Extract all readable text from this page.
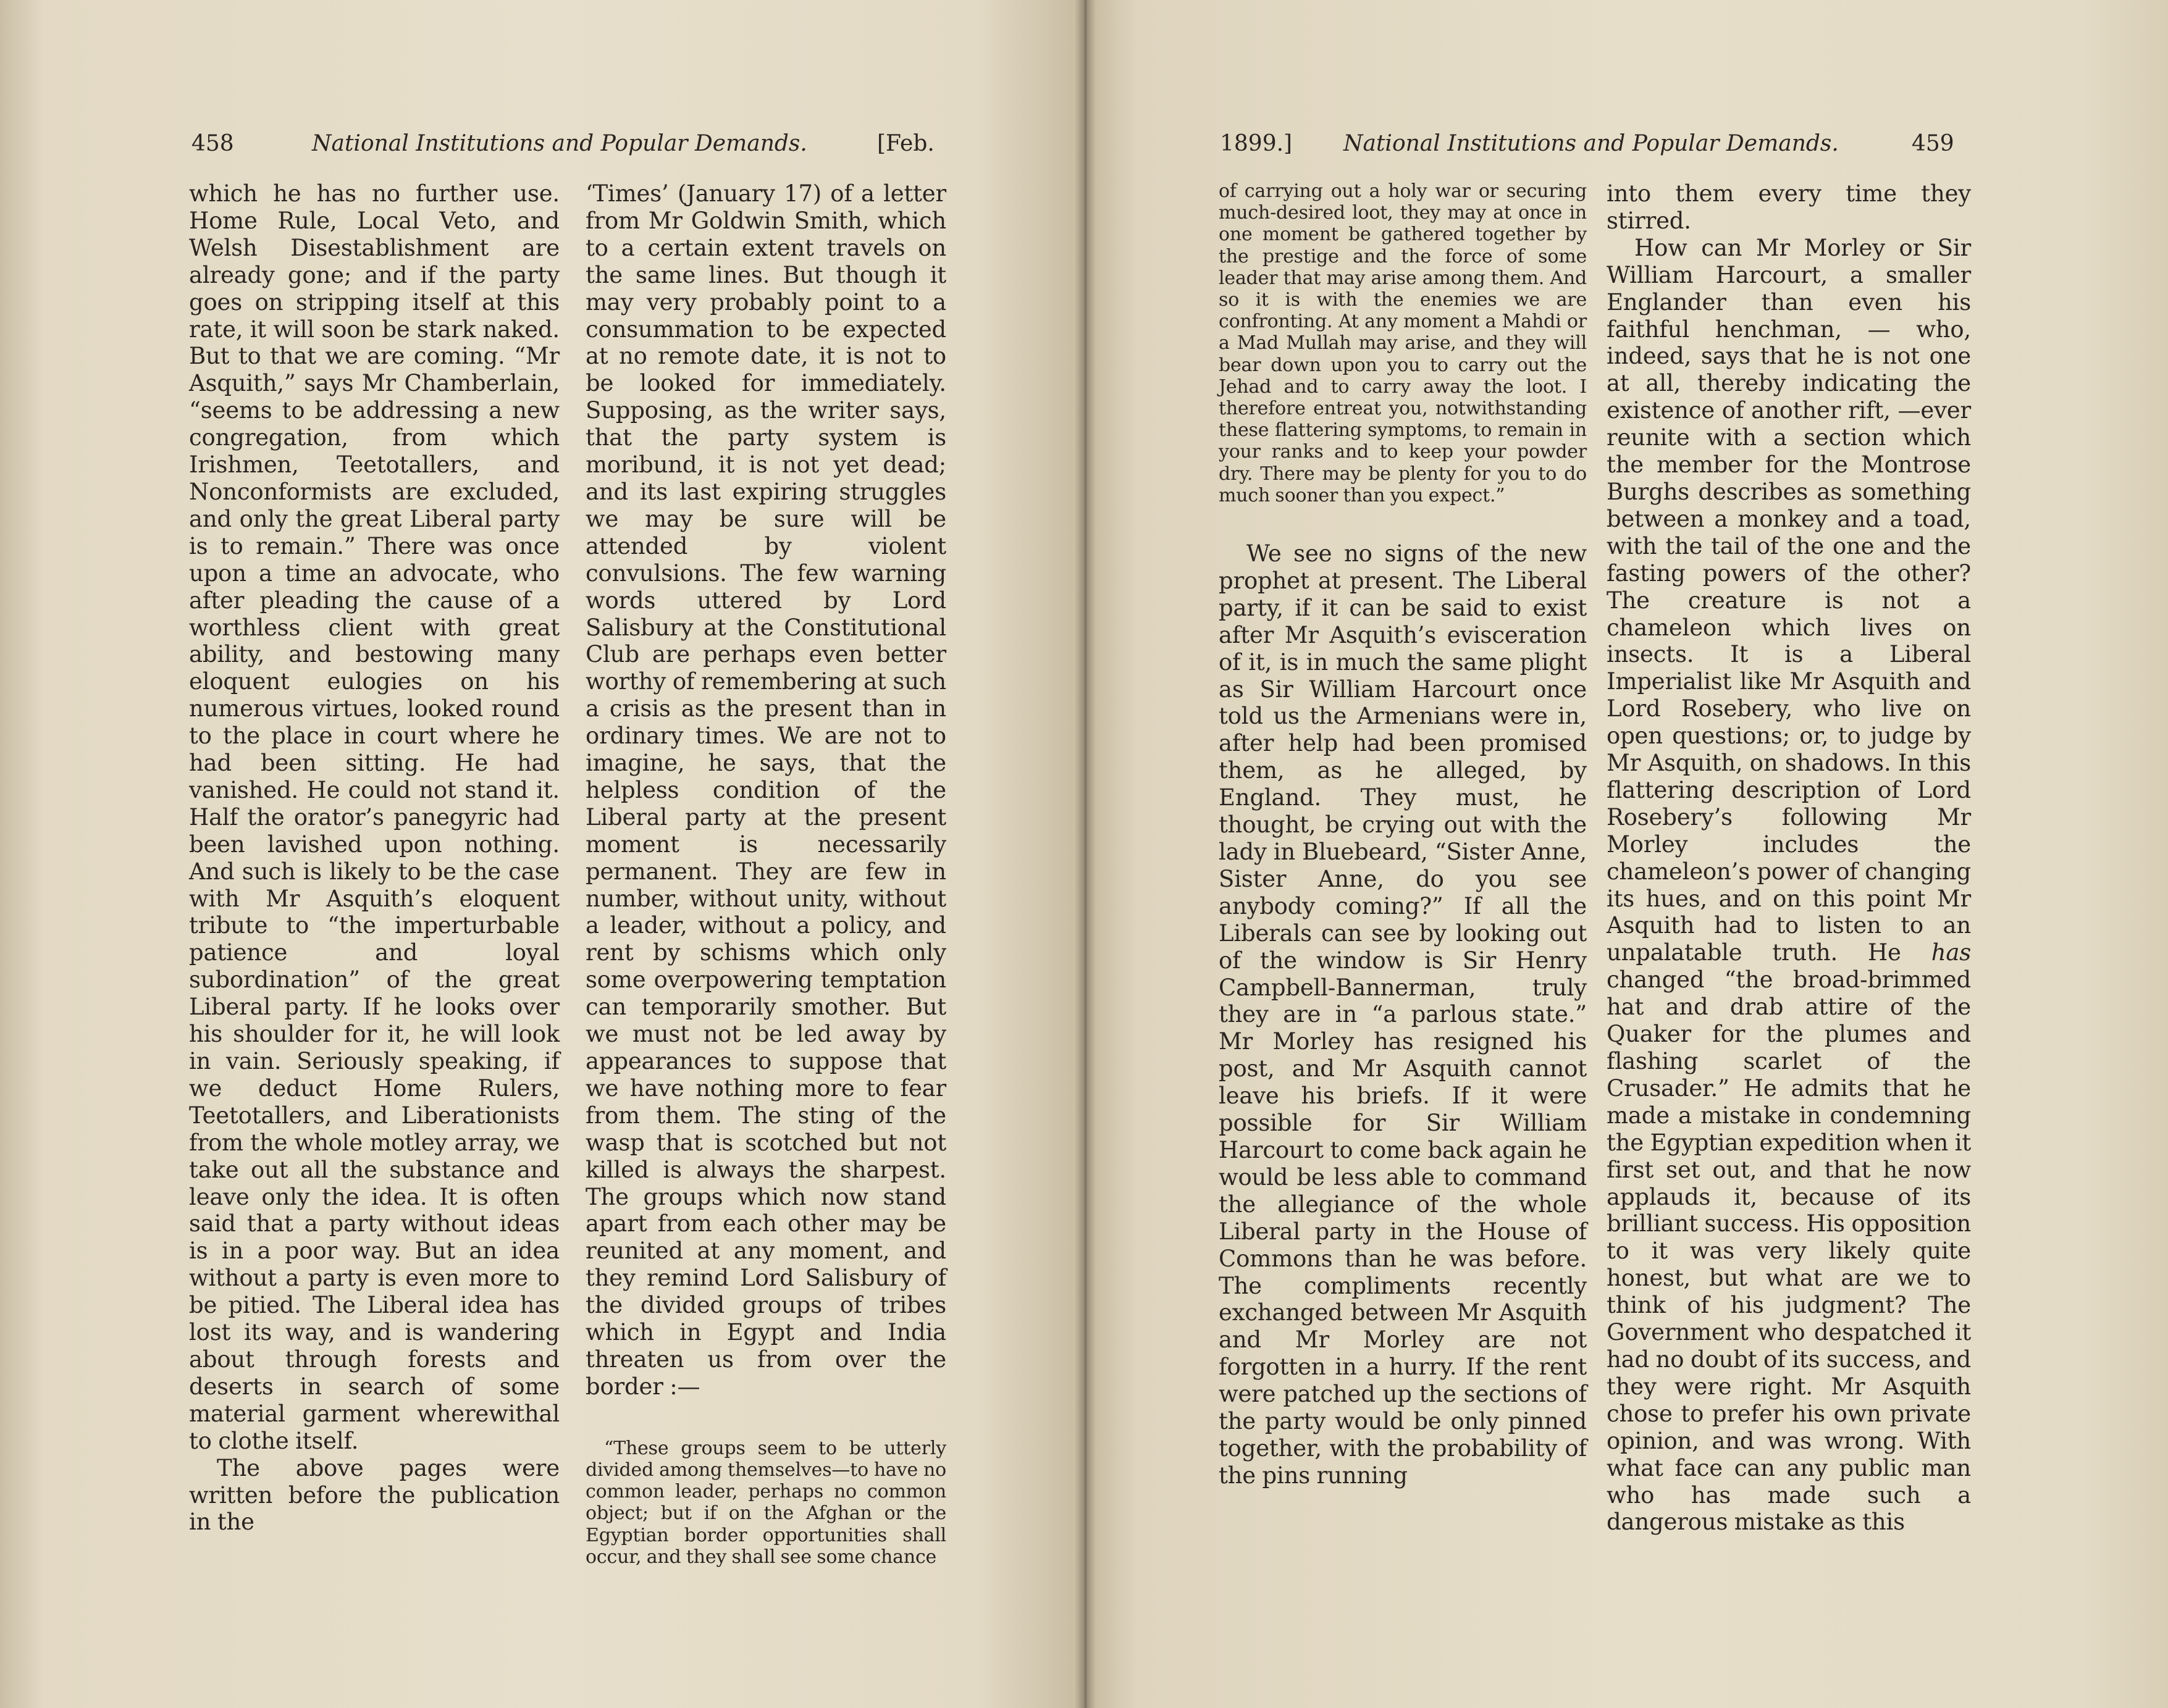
458	National Institutions and Popular Demands.	[Feb.

which he has no further use. Home Rule, Local Veto, and Welsh Disestablishment are already gone; and if the party goes on stripping itself at this rate, it will soon be stark naked. But to that we are coming. “Mr Asquith,” says Mr Chamberlain, “seems to be addressing a new congregation, from which Irishmen, Teetotallers, and Nonconformists are excluded, and only the great Liberal party is to remain.” There was once upon a time an advocate, who after pleading the cause of a worthless client with great ability, and bestowing many eloquent eulogies on his numerous virtues, looked round to the place in court where he had been sitting. He had vanished. He could not stand it. Half the orator’s panegyric had been lavished upon nothing. And such is likely to be the case with Mr Asquith’s eloquent tribute to “the imperturbable patience and loyal subordination” of the great Liberal party. If he looks over his shoulder for it, he will look in vain. Seriously speaking, if we deduct Home Rulers, Teetotallers, and Liberationists from the whole motley array, we take out all the substance and leave only the idea. It is often said that a party without ideas is in a poor way. But an idea without a party is even more to be pitied. The Liberal idea has lost its way, and is wandering about through forests and deserts in search of some material garment wherewithal to clothe itself.

The above pages were written before the publication in the

‘Times’ (January 17) of a letter from Mr Goldwin Smith, which to a certain extent travels on the same lines. But though it may very probably point to a consummation to be expected at no remote date, it is not to be looked for immediately. Supposing, as the writer says, that the party system is moribund, it is not yet dead; and its last expiring struggles we may be sure will be attended by violent convulsions. The few warning words uttered by Lord Salisbury at the Constitutional Club are perhaps even better worthy of remembering at such a crisis as the present than in ordinary times. We are not to imagine, he says, that the helpless condition of the Liberal party at the present moment is necessarily permanent. They are few in number, without unity, without a leader, without a policy, and rent by schisms which only some overpowering temptation can temporarily smother. But we must not be led away by appearances to suppose that we have nothing more to fear from them. The sting of the wasp that is scotched but not killed is always the sharpest. The groups which now stand apart from each other may be reunited at any moment, and they remind Lord Salisbury of the divided groups of tribes which in Egypt and India threaten us from over the border :—

“These groups seem to be utterly divided among themselves—to have no common leader, perhaps no common object; but if on the Afghan or the Egyptian border opportunities shall occur, and they shall see some chance

1899.] National Institutions and Popular Demands.	459

of carrying out a holy war or securing much-desired loot, they may at once in one moment be gathered together by the prestige and the force of some leader that may arise among them. And so it is with the enemies we are confronting. At any moment a Mahdi or a Mad Mullah may arise, and they will bear down upon you to carry out the Jehad and to carry away the loot. I therefore entreat you, notwithstanding these flattering symptoms, to remain in your ranks and to keep your powder dry. There may be plenty for you to do much sooner than you expect.”

We see no signs of the new prophet at present. The Liberal party, if it can be said to exist after Mr Asquith’s evisceration of it, is in much the same plight as Sir William Harcourt once told us the Armenians were in, after help had been promised them, as he alleged, by England. They must, he thought, be crying out with the lady in Bluebeard, “Sister Anne, Sister Anne, do you see anybody coming?” If all the Liberals can see by looking out of the window is Sir Henry Campbell-Bannerman, truly they are in “a parlous state.” Mr Morley has resigned his post, and Mr Asquith cannot leave his briefs. If it were possible for Sir William Harcourt to come back again he would be less able to command the allegiance of the whole Liberal party in the House of Commons than he was before. The compliments recently exchanged between Mr Asquith and Mr Morley are not forgotten in a hurry. If the rent were patched up the sections of the party would be only pinned together, with the probability of the pins running

into them every time they stirred.

How can Mr Morley or Sir William Harcourt, a smaller Englander than even his faithful henchman, — who, indeed, says that he is not one at all, thereby indicating the existence of another rift, —ever reunite with a section which the member for the Montrose Burghs describes as something between a monkey and a toad, with the tail of the one and the fasting powers of the other? The creature is not a chameleon which lives on insects. It is a Liberal Imperialist like Mr Asquith and Lord Rosebery, who live on open questions; or, to judge by Mr Asquith, on shadows. In this flattering description of Lord Rosebery’s following Mr Morley includes the chameleon’s power of changing its hues, and on this point Mr Asquith had to listen to an unpalatable truth. He has changed “the broad-brimmed hat and drab attire of the Quaker for the plumes and flashing scarlet of the Crusader.” He admits that he made a mistake in condemning the Egyptian expedition when it first set out, and that he now applauds it, because of its brilliant success. His opposition to it was very likely quite honest, but what are we to think of his judgment? The Government who despatched it had no doubt of its success, and they were right. Mr Asquith chose to prefer his own private opinion, and was wrong. With what face can any public man who has made such a dangerous mistake as this
